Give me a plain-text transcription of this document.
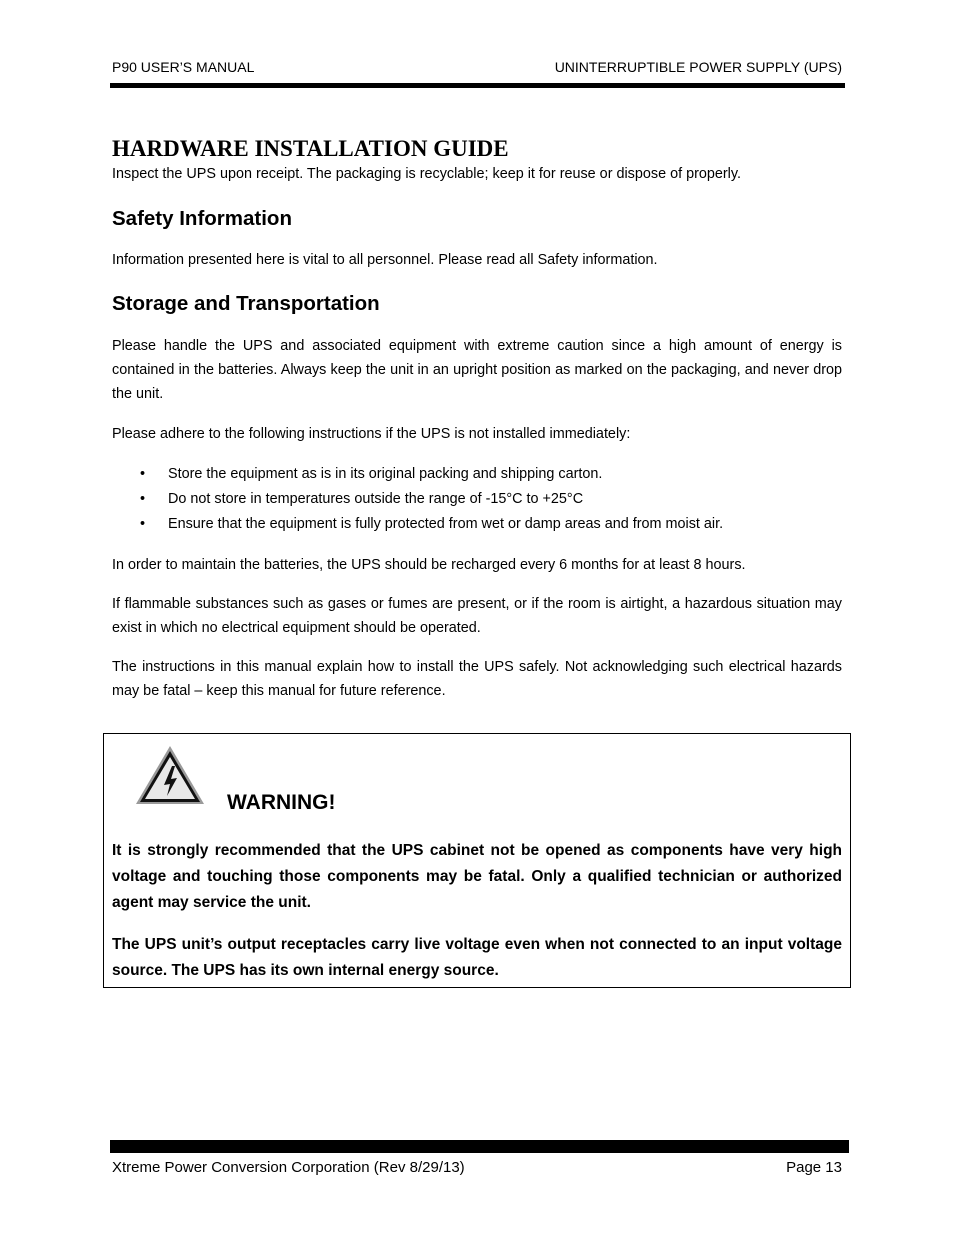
P90 USER’S MANUAL	UNINTERRUPTIBLE POWER SUPPLY (UPS)
HARDWARE INSTALLATION GUIDE

Inspect the UPS upon receipt. The packaging is recyclable; keep it for reuse or dispose of properly.

Safety Information

Information presented here is vital to all personnel. Please read all Safety information.

Storage and Transportation

Please handle the UPS and associated equipment with extreme caution since a high amount of energy is contained in the batteries. Always keep the unit in an upright position as marked on the packaging, and never drop the unit.

Please adhere to the following instructions if the UPS is not installed immediately:

• Store the equipment as is in its original packing and shipping carton.
• Do not store in temperatures outside the range of -15°C to +25°C
• Ensure that the equipment is fully protected from wet or damp areas and from moist air.

In order to maintain the batteries, the UPS should be recharged every 6 months for at least 8 hours.

If flammable substances such as gases or fumes are present, or if the room is airtight, a hazardous situation may exist in which no electrical equipment should be operated.

The instructions in this manual explain how to install the UPS safely. Not acknowledging such electrical hazards may be fatal – keep this manual for future reference.

WARNING!
It is strongly recommended that the UPS cabinet not be opened as components have very high voltage and touching those components may be fatal. Only a qualified technician or authorized agent may service the unit.
The UPS unit’s output receptacles carry live voltage even when not connected to an input voltage source. The UPS has its own internal energy source.
Xtreme Power Conversion Corporation (Rev 8/29/13)	Page 13
